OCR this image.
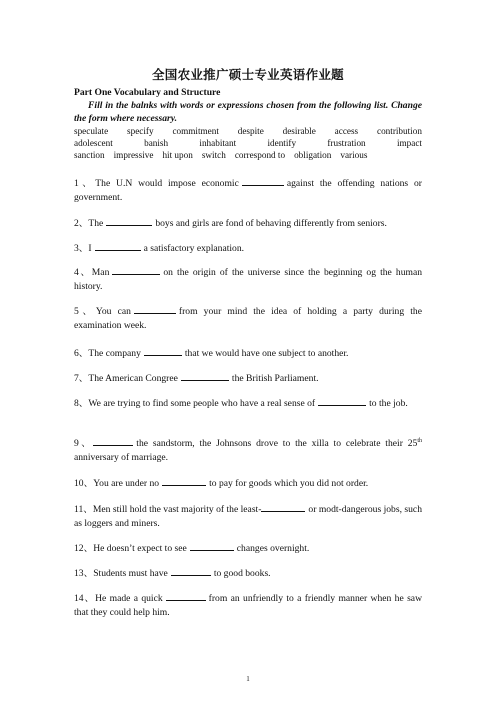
全国农业推广硕士专业英语作业题
Part One Vocabulary and Structure
Fill in the balnks with words or expressions chosen from the following list. Change the form where necessary.
speculate specify commitment despite desirable access contribution
adolescent	banish	inhabitant	identify	frustration	impact
sanction impressive hit upon switch correspond to obligation various
1、The U.N would impose economic	against the offending nations or government.
2、The	boys and girls are fond of behaving differently from seniors.
3、I	a satisfactory explanation.
4、Man	on the origin of the universe since the beginning og the human history.
5、You can	from your mind the idea of holding a party during the examination week.
6、The company	that we would have one subject to another.
7、The American Congree	the British Parliament.
8、We are trying to find some people who have a real sense of	to the job.
9、	the sandstorm, the Johnsons drove to the xilla to celebrate their 25th anniversary of marriage.
10、You are under no	to pay for goods which you did not order.
11、Men still hold the vast majority of the least-	or modt-dangerous jobs, such as loggers and miners.
12、He doesn’t expect to see	changes overnight.
13、Students must have	to good books.
14、He made a quick	from an unfriendly to a friendly manner when he saw that they could help him.
1
